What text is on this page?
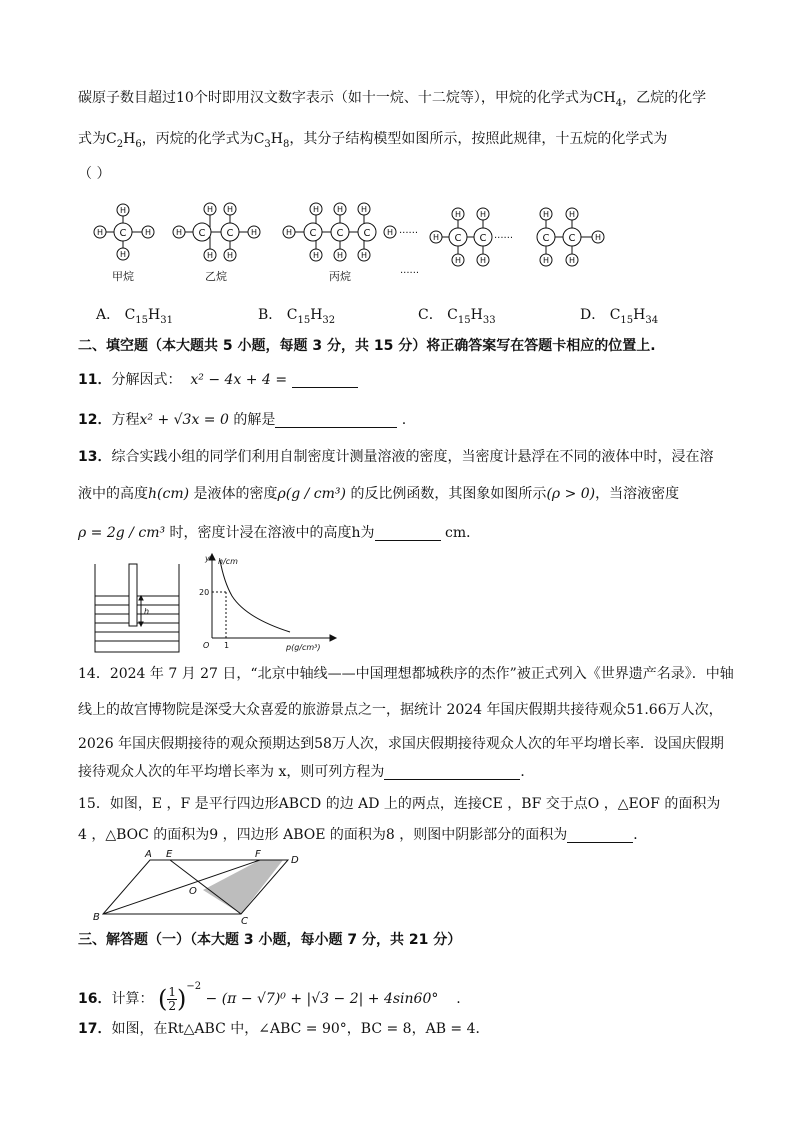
碳原子数目超过10个时即用汉文数字表示（如十一烷、十二烷等），甲烷的化学式为$CH_4$，乙烷的化学
式为$C_2H_6$，丙烷的化学式为$C_3H_8$，其分子结构模型如图所示，按照此规律，十五烷的化学式为
（ ）
C	C C	C C C	C C	C C
H
H
H	H	H	H
H H
H H
H	H
H H H
H H H
H
H H
H H
H H
H H
H
······	······
······
甲烷	乙烷	丙烷
A． $C_{15}H_{31}$	B． $C_{15}H_{32}$	C． $C_{15}H_{33}$	D． $C_{15}H_{34}$
二、填空题（本大题共 5 小题，每题 3 分，共 15 分）将正确答案写在答题卡相应的位置上.
11．分解因式： x² − 4x + 4 =
12．方程x² + √3x = 0 的解是	.
13．综合实践小组的同学们利用自制密度计测量溶液的密度，当密度计悬浮在不同的液体中时，浸在溶
液中的高度h(cm) 是液体的密度ρ(g / cm³) 的反比例函数，其图象如图所示(ρ > 0)，当溶液密度
ρ = 2g / cm³ 时，密度计浸在溶液中的高度h为	cm．
h
y h/cm
20
O 1	p(g/cm³)
14．2024 年 7 月 27 日，“北京中轴线——中国理想都城秩序的杰作”被正式列入《世界遗产名录》．中轴
线上的故宫博物院是深受大众喜爱的旅游景点之一，据统计 2024 年国庆假期共接待观众51.66万人次，
2026 年国庆假期接待的观众预期达到58万人次，求国庆假期接待观众人次的年平均增长率．设国庆假期
接待观众人次的年平均增长率为 x，则可列方程为	．
15．如图，E ，F 是平行四边形ABCD 的边 AD 上的两点，连接CE ，BF 交于点O ，△EOF 的面积为
4 ，△BOC 的面积为9 ，四边形 ABOE 的面积为8 ，则图中阴影部分的面积为	．
A E	F
D
O
B	C
三、解答题（一）（本大题 3 小题，每小题 7 分，共 21 分）
16．计算： ( $\frac{1}{2} )^{-2} - (\pi - √7)^0 + |√3 - 2| + 4\sin 60^\circ$ .
17．如图，在Rt△ABC 中，∠ABC = 90°，BC = 8，AB = 4．
